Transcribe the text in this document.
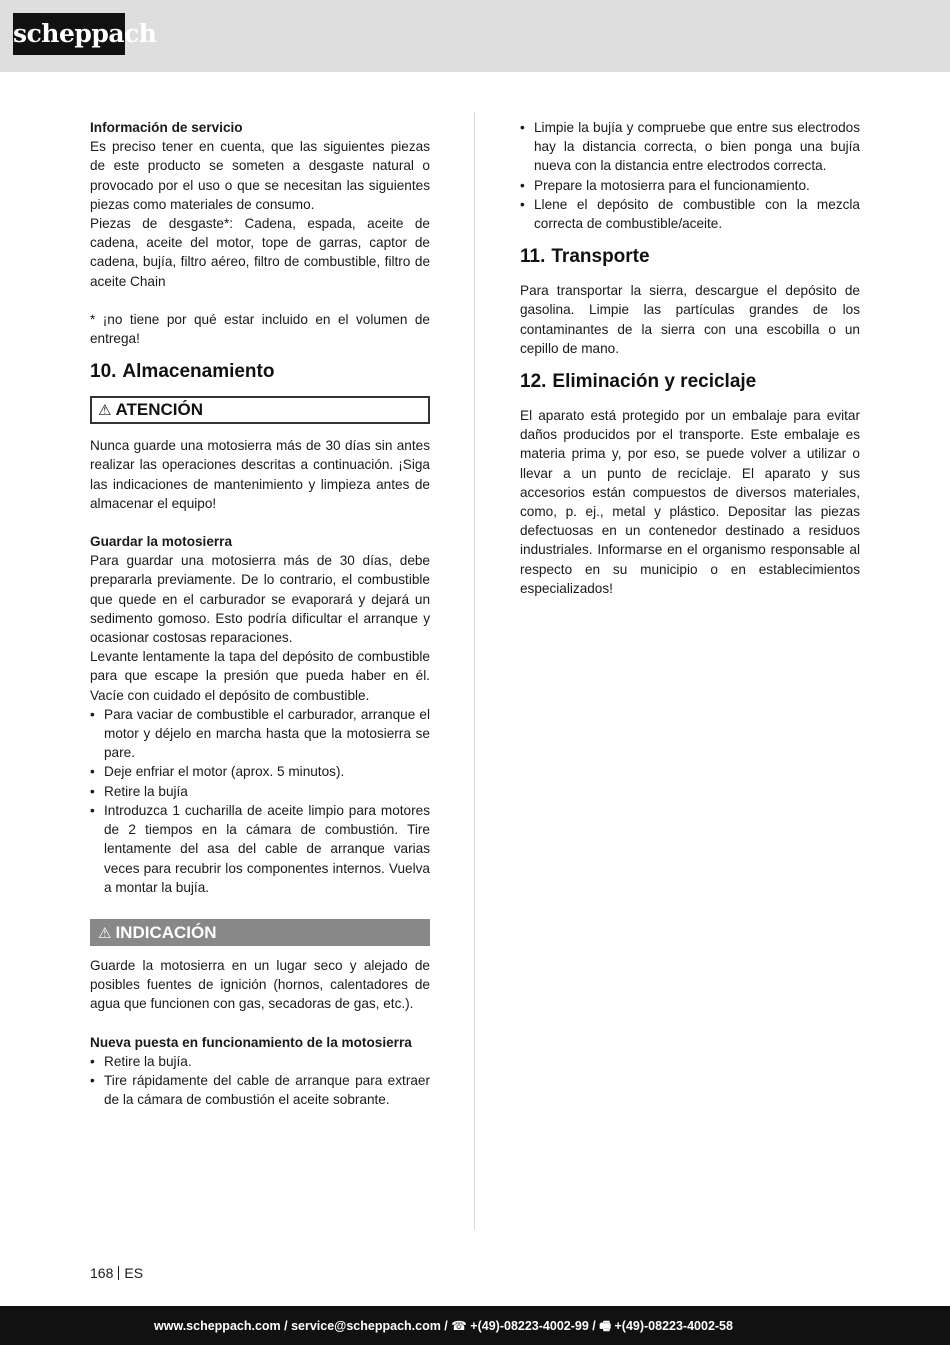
scheppach

Información de servicio

Es preciso tener en cuenta, que las siguientes piezas de este producto se someten a desgaste natural o provocado por el uso o que se necesitan las siguientes piezas como materiales de consumo.

Piezas de desgaste*: Cadena, espada, aceite de cadena, aceite del motor, tope de garras, captor de cadena, bujía, filtro aéreo, filtro de combustible, filtro de aceite Chain

* ¡no tiene por qué estar incluido en el volumen de entrega!

10. Almacenamiento
⚠ ATENCIÓN

Nunca guarde una motosierra más de 30 días sin antes realizar las operaciones descritas a continuación. ¡Siga las indicaciones de mantenimiento y limpieza antes de almacenar el equipo!

Guardar la motosierra

Para guardar una motosierra más de 30 días, debe prepararla previamente. De lo contrario, el combustible que quede en el carburador se evaporará y dejará un sedimento gomoso. Esto podría dificultar el arranque y ocasionar costosas reparaciones.

Levante lentamente la tapa del depósito de combustible para que escape la presión que pueda haber en él. Vacíe con cuidado el depósito de combustible.

• Para vaciar de combustible el carburador, arranque el motor y déjelo en marcha hasta que la motosierra se pare.
• Deje enfriar el motor (aprox. 5 minutos).
• Retire la bujía
• Introduzca 1 cucharilla de aceite limpio para motores de 2 tiempos en la cámara de combustión. Tire lentamente del asa del cable de arranque varias veces para recubrir los componentes internos. Vuelva a montar la bujía.
⚠ INDICACIÓN

Guarde la motosierra en un lugar seco y alejado de posibles fuentes de ignición (hornos, calentadores de agua que funcionen con gas, secadoras de gas, etc.).

Nueva puesta en funcionamiento de la motosierra

• Retire la bujía.
• Tire rápidamente del cable de arranque para extraer de la cámara de combustión el aceite sobrante.
• Limpie la bujía y compruebe que entre sus electrodos hay la distancia correcta, o bien ponga una bujía nueva con la distancia entre electrodos correcta.
• Prepare la motosierra para el funcionamiento.
• Llene el depósito de combustible con la mezcla correcta de combustible/aceite.
11. Transporte

Para transportar la sierra, descargue el depósito de gasolina. Limpie las partículas grandes de los contaminantes de la sierra con una escobilla o un cepillo de mano.

12. Eliminación y reciclaje

El aparato está protegido por un embalaje para evitar daños producidos por el transporte. Este embalaje es materia prima y, por eso, se puede volver a utilizar o llevar a un punto de reciclaje. El aparato y sus accesorios están compuestos de diversos materiales, como, p. ej., metal y plástico. Depositar las piezas defectuosas en un contenedor destinado a residuos industriales. Informarse en el organismo responsable al respecto en su municipio o en establecimientos especializados!

168 ES
www.scheppach.com / service@scheppach.com / ☎ +(49)-08223-4002-99 / 🖷 +(49)-08223-4002-58
